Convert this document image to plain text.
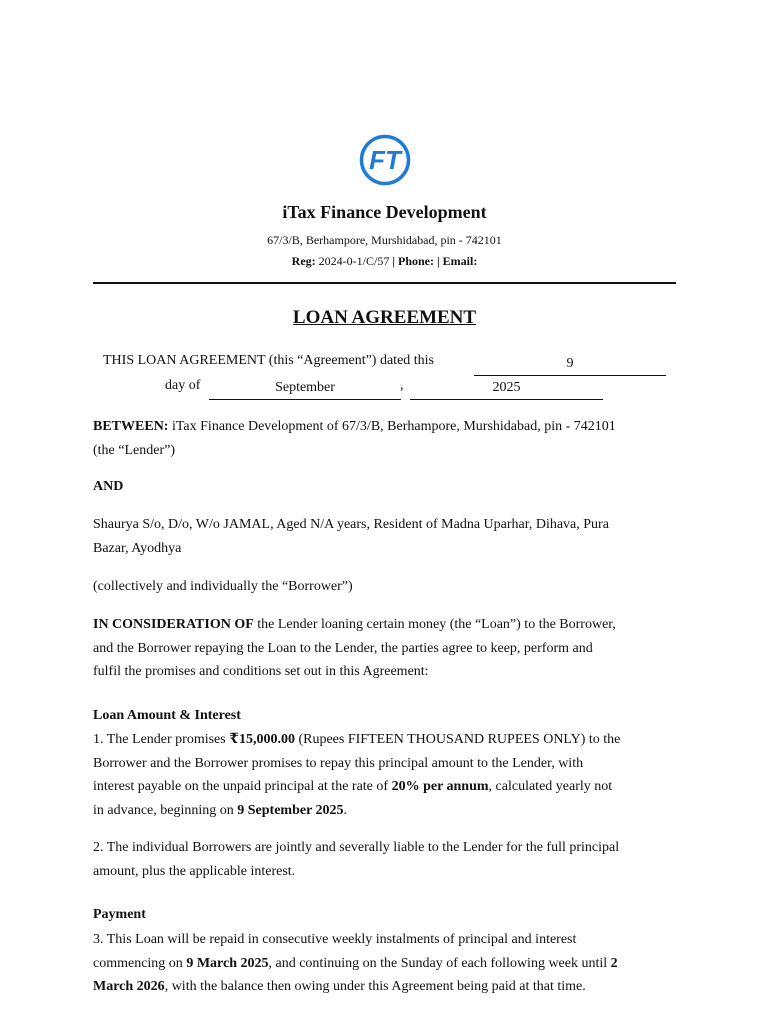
FT
iTax Finance Development
67/3/B, Berhampore, Murshidabad, pin - 742101
Reg: 2024-0-1/C/57 | Phone: | Email:
LOAN AGREEMENT
THIS LOAN AGREEMENT (this “Agreement”) dated this	9
day of	September	,	2025
BETWEEN: iTax Finance Development of 67/3/B, Berhampore, Murshidabad, pin - 742101
(the “Lender”)
AND
Shaurya S/o, D/o, W/o JAMAL, Aged N/A years, Resident of Madna Uparhar, Dihava, Pura
Bazar, Ayodhya
(collectively and individually the “Borrower”)
IN CONSIDERATION OF the Lender loaning certain money (the “Loan”) to the Borrower,
and the Borrower repaying the Loan to the Lender, the parties agree to keep, perform and
fulfil the promises and conditions set out in this Agreement:
Loan Amount & Interest
1. The Lender promises ₹15,000.00 (Rupees FIFTEEN THOUSAND RUPEES ONLY) to the
Borrower and the Borrower promises to repay this principal amount to the Lender, with
interest payable on the unpaid principal at the rate of 20% per annum, calculated yearly not
in advance, beginning on 9 September 2025.
2. The individual Borrowers are jointly and severally liable to the Lender for the full principal
amount, plus the applicable interest.
Payment
3. This Loan will be repaid in consecutive weekly instalments of principal and interest
commencing on 9 March 2025, and continuing on the Sunday of each following week until 2
March 2026, with the balance then owing under this Agreement being paid at that time.
